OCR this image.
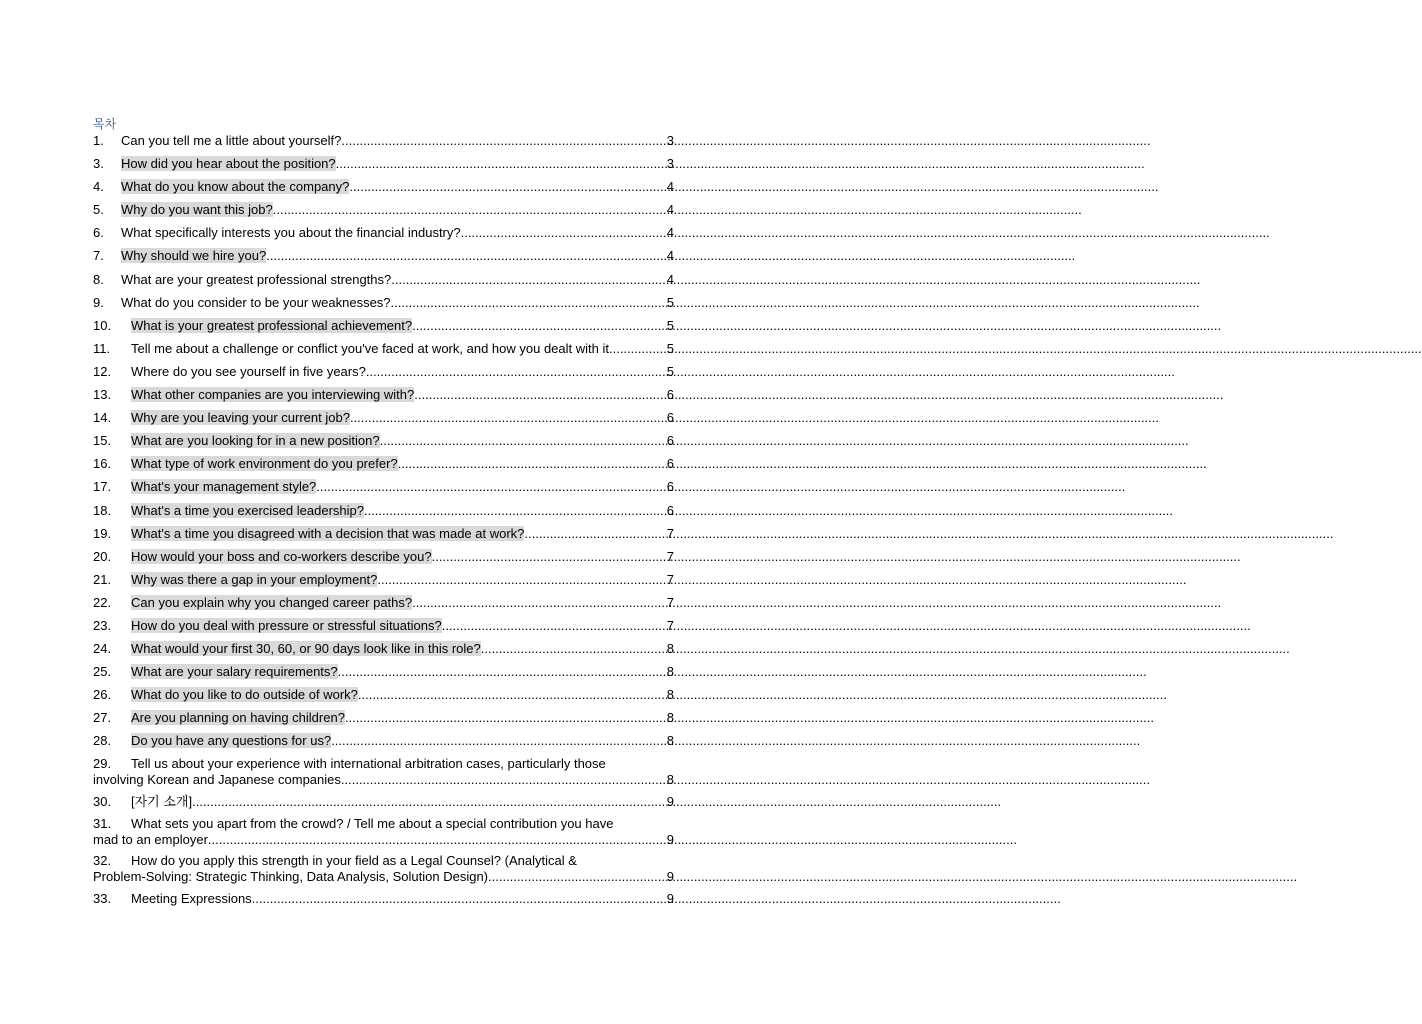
목차
1.	Can you tell me a little about yourself? .....	3
3.	How did you hear about the position? .....	3
4.	What do you know about the company? .....	4
5.	Why do you want this job? .....	4
6.	What specifically interests you about the financial industry? .....	4
7.	Why should we hire you? .....	4
8.	What are your greatest professional strengths? .....	4
9.	What do you consider to be your weaknesses? .....	5
10.	What is your greatest professional achievement? .....	5
11.	Tell me about a challenge or conflict you've faced at work, and how you dealt with it. .....	5
12.	Where do you see yourself in five years? .....	5
13.	What other companies are you interviewing with? .....	6
14.	Why are you leaving your current job? .....	6
15.	What are you looking for in a new position? .....	6
16.	What type of work environment do you prefer? .....	6
17.	What's your management style? .....	6
18.	What's a time you exercised leadership? .....	6
19.	What's a time you disagreed with a decision that was made at work? .....	7
20.	How would your boss and co-workers describe you? .....	7
21.	Why was there a gap in your employment? .....	7
22.	Can you explain why you changed career paths? .....	7
23.	How do you deal with pressure or stressful situations? .....	7
24.	What would your first 30, 60, or 90 days look like in this role? .....	8
25.	What are your salary requirements? .....	8
26.	What do you like to do outside of work? .....	8
27.	Are you planning on having children? .....	8
28.	Do you have any questions for us? .....	8
29. Tell us about your experience with international arbitration cases, particularly those
involving Korean and Japanese companies .....	8
30.	[자기 소개] .....	9
31. What sets you apart from the crowd? / Tell me about a special contribution you have
mad to an employer .....	9
32. How do you apply this strength in your field as a Legal Counsel? (Analytical &
Problem-Solving: Strategic Thinking, Data Analysis, Solution Design) .....	9
33.	Meeting Expressions .....	9
